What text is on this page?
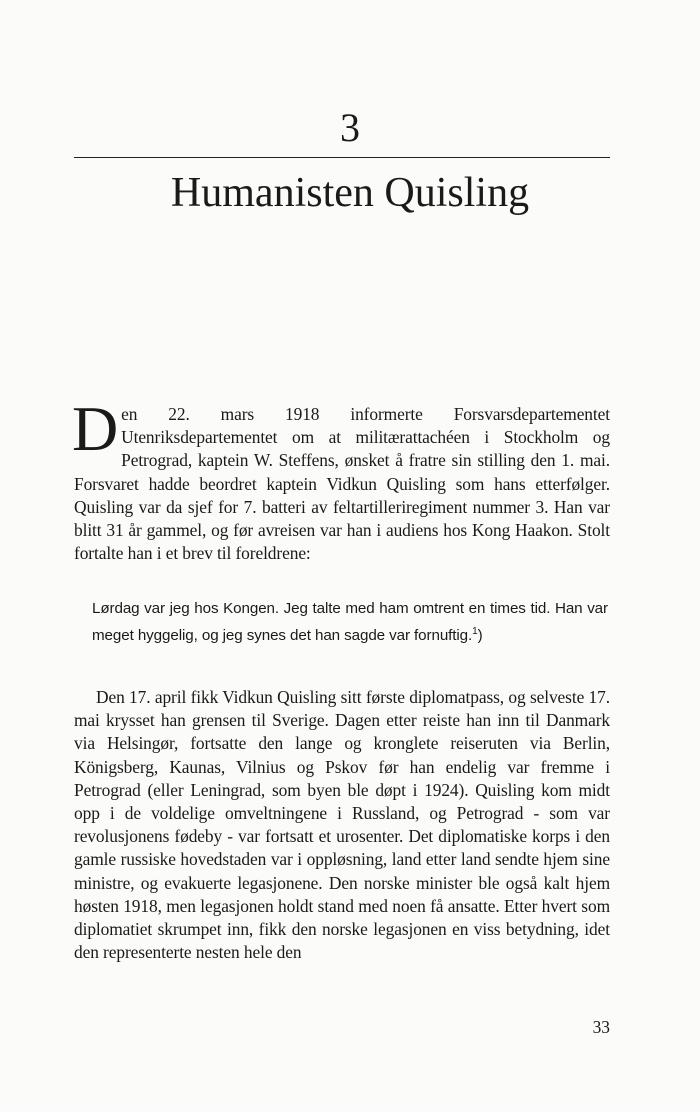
3
Humanisten Quisling
Den 22. mars 1918 informerte Forsvarsdepartementet Utenriksdepartementet om at militærattachéen i Stockholm og Petrograd, kaptein W. Steffens, ønsket å fratre sin stilling den 1. mai. Forsvaret hadde beordret kaptein Vidkun Quisling som hans etterfølger. Quisling var da sjef for 7. batteri av feltartilleriregiment nummer 3. Han var blitt 31 år gammel, og før avreisen var han i audiens hos Kong Haakon. Stolt fortalte han i et brev til foreldrene:
Lørdag var jeg hos Kongen. Jeg talte med ham omtrent en times tid. Han var meget hyggelig, og jeg synes det han sagde var fornuftig.$^1$)
Den 17. april fikk Vidkun Quisling sitt første diplomatpass, og selveste 17. mai krysset han grensen til Sverige. Dagen etter reiste han inn til Danmark via Helsingør, fortsatte den lange og kronglete reiseruten via Berlin, Königsberg, Kaunas, Vilnius og Pskov før han endelig var fremme i Petrograd (eller Leningrad, som byen ble døpt i 1924). Quisling kom midt opp i de voldelige omveltningene i Russland, og Petrograd - som var revolusjonens fødeby - var fortsatt et urosenter. Det diplomatiske korps i den gamle russiske hovedstaden var i oppløsning, land etter land sendte hjem sine ministre, og evakuerte legasjonene. Den norske minister ble også kalt hjem høsten 1918, men legasjonen holdt stand med noen få ansatte. Etter hvert som diplomatiet skrumpet inn, fikk den norske legasjonen en viss betydning, idet den representerte nesten hele den
33
